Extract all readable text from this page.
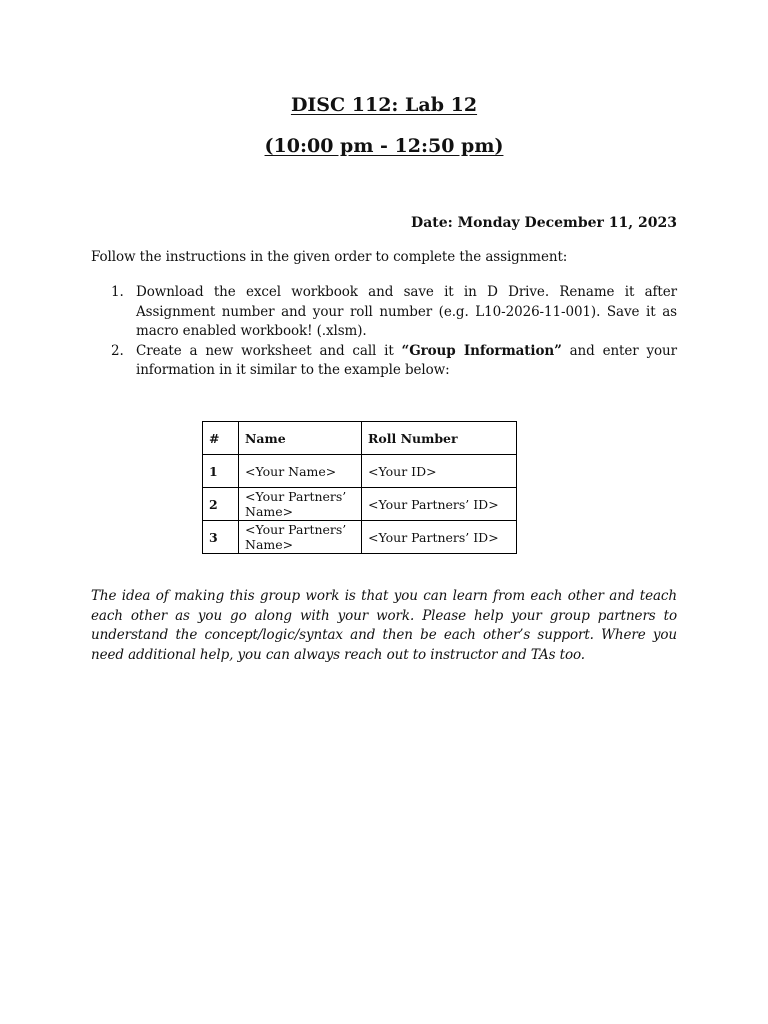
DISC 112: Lab 12
(10:00 pm - 12:50 pm)
Date: Monday December 11, 2023
Follow the instructions in the given order to complete the assignment:
1. Download the excel workbook and save it in D Drive. Rename it after Assignment number and your roll number (e.g. L10-2026-11-001). Save it as macro enabled workbook! (.xlsm).
2. Create a new worksheet and call it “Group Information” and enter your information in it similar to the example below:
#	Name	Roll Number
1	<Your Name>	<Your ID>
2	<Your Partners’ Name>	<Your Partners’ ID>
3	<Your Partners’ Name>	<Your Partners’ ID>
The idea of making this group work is that you can learn from each other and teach each other as you go along with your work. Please help your group partners to understand the concept/logic/syntax and then be each other’s support. Where you need additional help, you can always reach out to instructor and TAs too.
